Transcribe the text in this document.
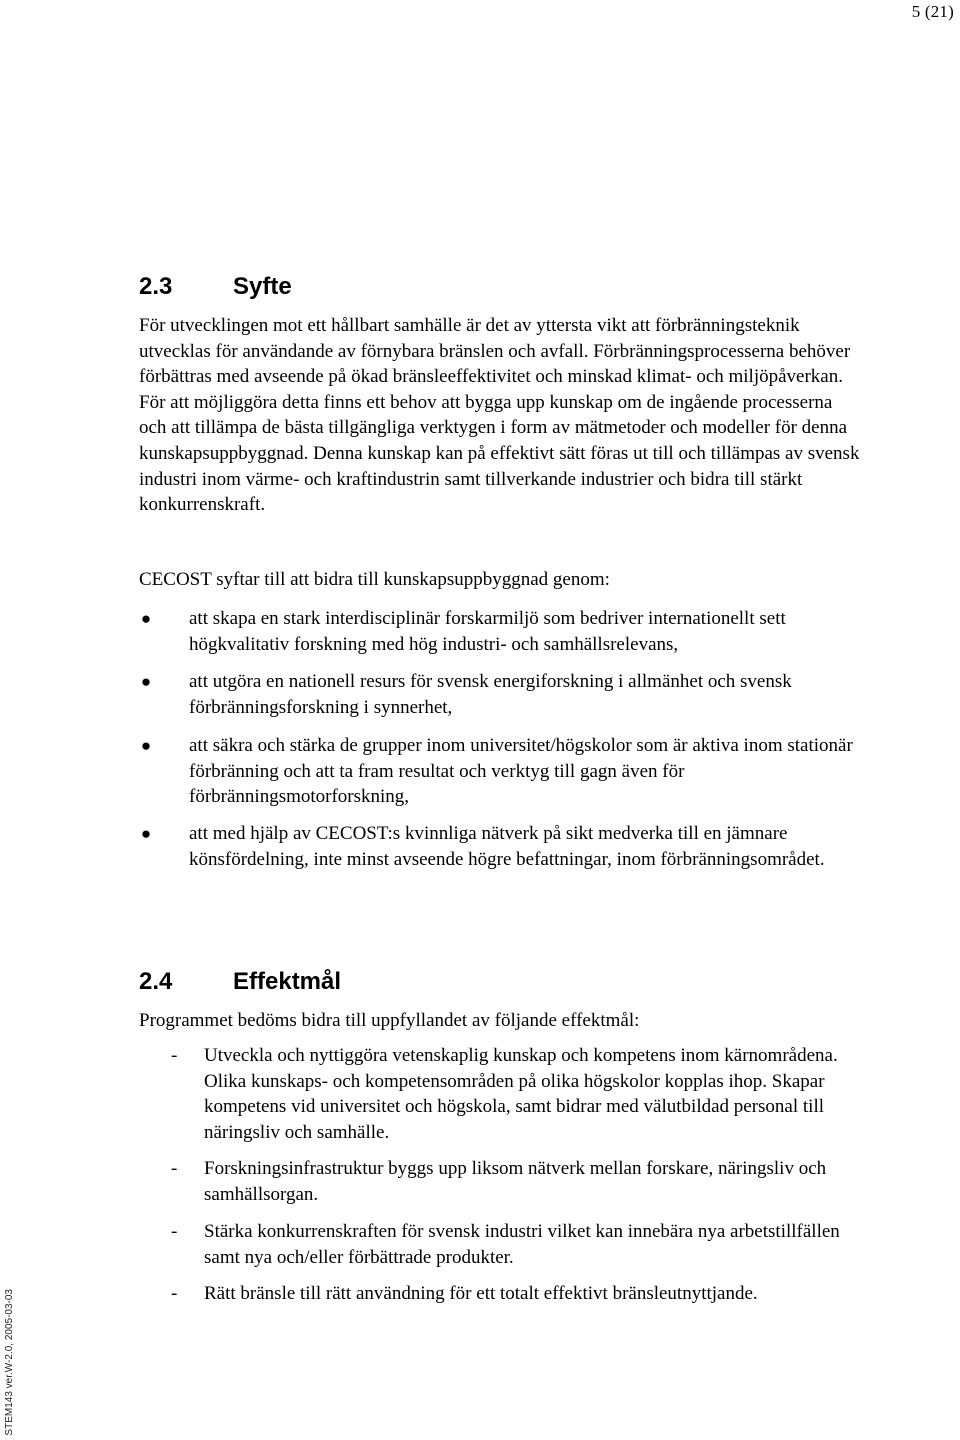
5 (21)
STEM143 ver.W-2.0, 2005-03-03
2.3	Syfte

För utvecklingen mot ett hållbart samhälle är det av yttersta vikt att förbränningsteknik utvecklas för användande av förnybara bränslen och avfall. Förbränningsprocesserna behöver förbättras med avseende på ökad bränsleeffektivitet och minskad klimat- och miljöpåverkan. För att möjliggöra detta finns ett behov att bygga upp kunskap om de ingående processerna och att tillämpa de bästa tillgängliga verktygen i form av mätmetoder och modeller för denna kunskapsuppbyggnad. Denna kunskap kan på effektivt sätt föras ut till och tillämpas av svensk industri inom värme- och kraftindustrin samt tillverkande industrier och bidra till stärkt konkurrenskraft.

CECOST syftar till att bidra till kunskapsuppbyggnad genom:

● att skapa en stark interdisciplinär forskarmiljö som bedriver internationellt sett högkvalitativ forskning med hög industri- och samhällsrelevans,
● att utgöra en nationell resurs för svensk energiforskning i allmänhet och svensk förbränningsforskning i synnerhet,
● att säkra och stärka de grupper inom universitet/högskolor som är aktiva inom stationär förbränning och att ta fram resultat och verktyg till gagn även för förbränningsmotorforskning,
● att med hjälp av CECOST:s kvinnliga nätverk på sikt medverka till en jämnare könsfördelning, inte minst avseende högre befattningar, inom förbränningsområdet.
2.4	Effektmål

Programmet bedöms bidra till uppfyllandet av följande effektmål:

- Utveckla och nyttiggöra vetenskaplig kunskap och kompetens inom kärnområdena. Olika kunskaps- och kompetensområden på olika högskolor kopplas ihop. Skapar kompetens vid universitet och högskola, samt bidrar med välutbildad personal till näringsliv och samhälle.
- Forskningsinfrastruktur byggs upp liksom nätverk mellan forskare, näringsliv och samhällsorgan.
- Stärka konkurrenskraften för svensk industri vilket kan innebära nya arbetstillfällen samt nya och/eller förbättrade produkter.
- Rätt bränsle till rätt användning för ett totalt effektivt bränsleutnyttjande.
